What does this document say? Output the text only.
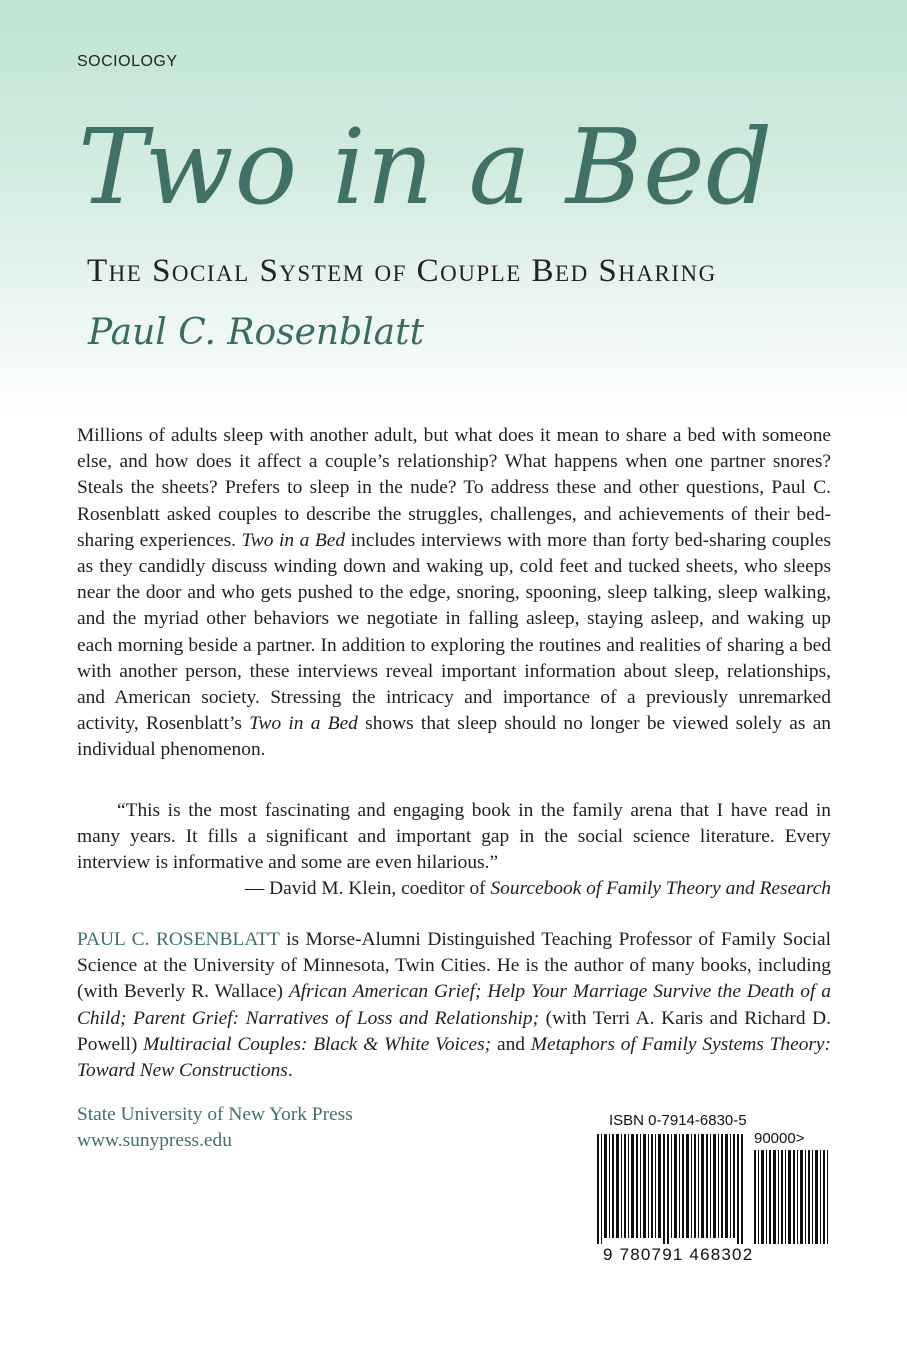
SOCIOLOGY
Two in a Bed
The Social System of Couple Bed Sharing
Paul C. Rosenblatt
Millions of adults sleep with another adult, but what does it mean to share a bed with someone else, and how does it affect a couple’s relationship? What happens when one partner snores? Steals the sheets? Prefers to sleep in the nude? To address these and other questions, Paul C. Rosenblatt asked couples to describe the struggles, challenges, and achievements of their bed-sharing experiences. Two in a Bed includes interviews with more than forty bed-sharing couples as they candidly discuss winding down and waking up, cold feet and tucked sheets, who sleeps near the door and who gets pushed to the edge, snoring, spooning, sleep talking, sleep walking, and the myriad other behaviors we negotiate in falling asleep, staying asleep, and waking up each morning beside a partner. In addition to exploring the routines and realities of sharing a bed with another person, these interviews reveal important information about sleep, relationships, and American society. Stressing the intricacy and importance of a previously unremarked activity, Rosenblatt’s Two in a Bed shows that sleep should no longer be viewed solely as an individual phenomenon.
“This is the most fascinating and engaging book in the family arena that I have read in many years. It fills a significant and important gap in the social science literature. Every interview is informative and some are even hilarious.”
— David M. Klein, coeditor of Sourcebook of Family Theory and Research
PAUL C. ROSENBLATT is Morse-Alumni Distinguished Teaching Professor of Family Social Science at the University of Minnesota, Twin Cities. He is the author of many books, including (with Beverly R. Wallace) African American Grief; Help Your Marriage Survive the Death of a Child; Parent Grief: Narratives of Loss and Relationship; (with Terri A. Karis and Richard D. Powell) Multiracial Couples: Black & White Voices; and Metaphors of Family Systems Theory: Toward New Constructions.
State University of New York Press
www.sunypress.edu
ISBN 0-7914-6830-5
90000>
9 780791 468302
